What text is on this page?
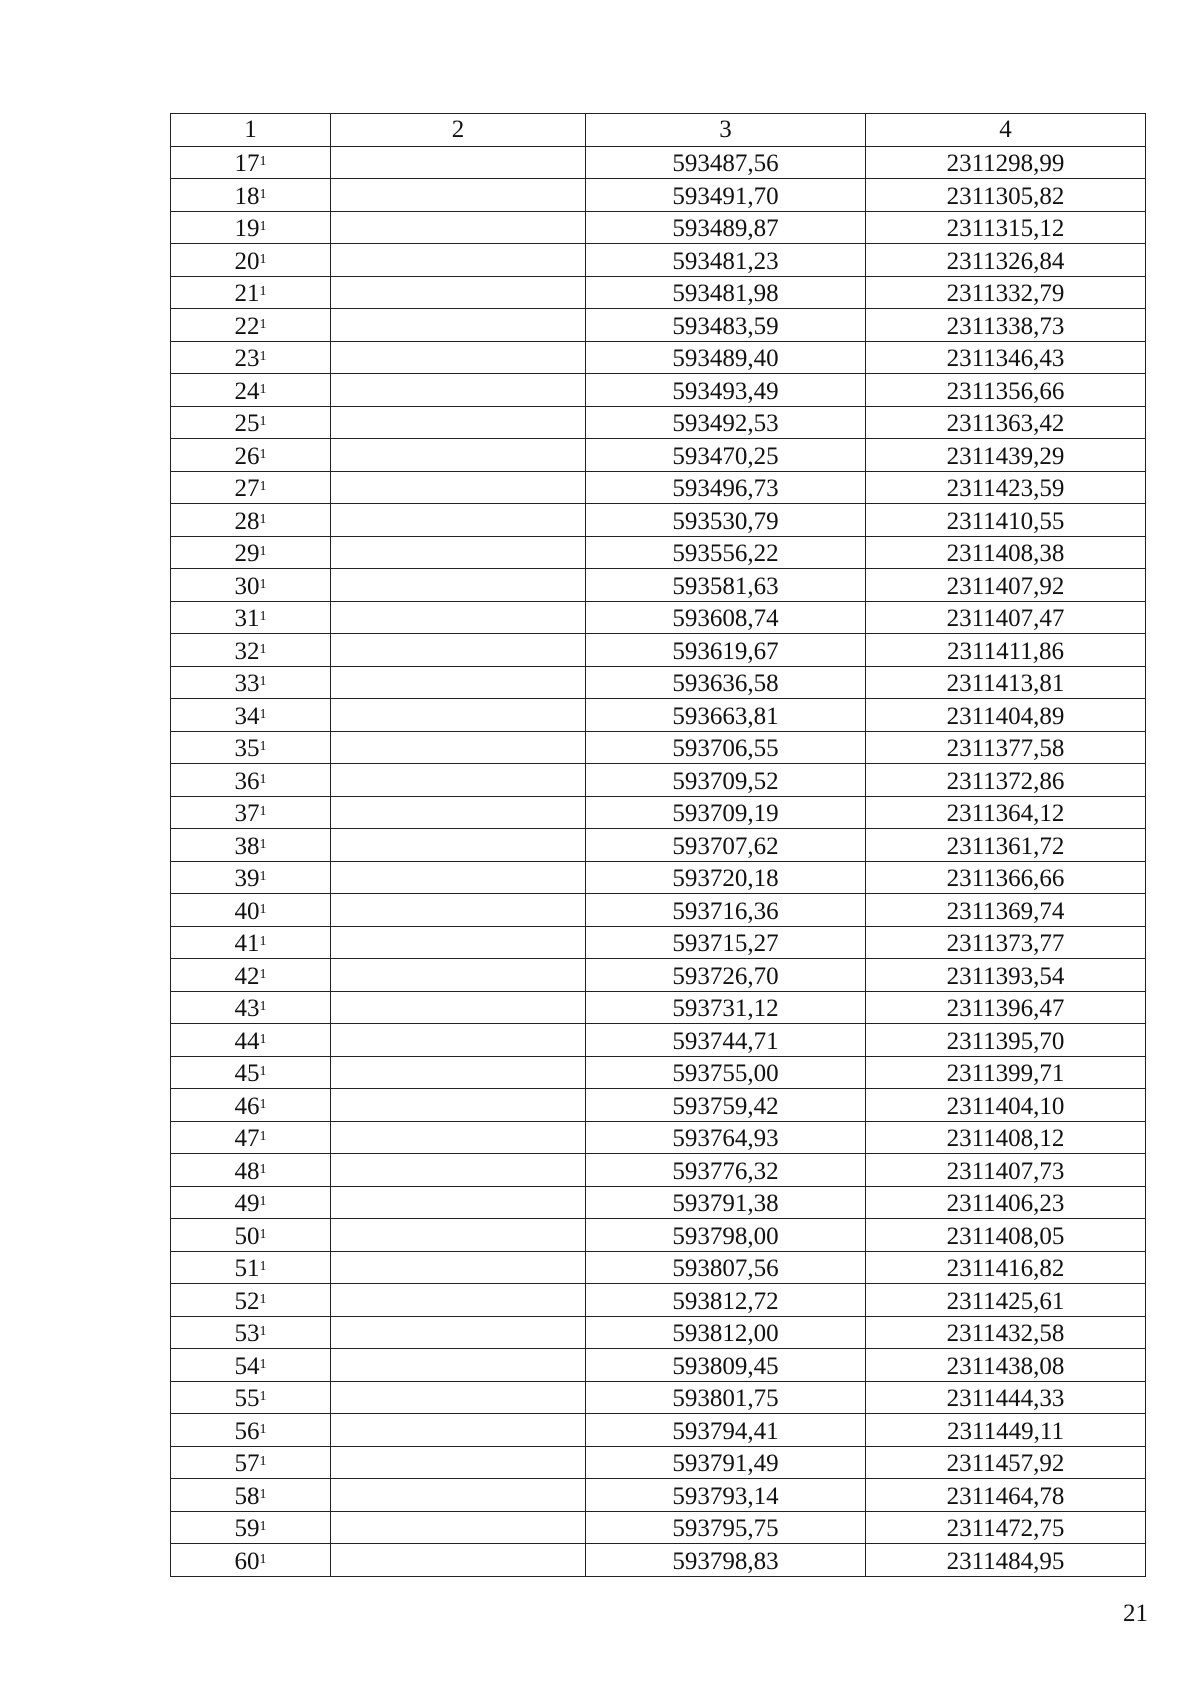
1	2	3	4
$17^1$		593487,56	2311298,99
$18^1$		593491,70	2311305,82
$19^1$		593489,87	2311315,12
$20^1$		593481,23	2311326,84
$21^1$		593481,98	2311332,79
$22^1$		593483,59	2311338,73
$23^1$		593489,40	2311346,43
$24^1$		593493,49	2311356,66
$25^1$		593492,53	2311363,42
$26^1$		593470,25	2311439,29
$27^1$		593496,73	2311423,59
$28^1$		593530,79	2311410,55
$29^1$		593556,22	2311408,38
$30^1$		593581,63	2311407,92
$31^1$		593608,74	2311407,47
$32^1$		593619,67	2311411,86
$33^1$		593636,58	2311413,81
$34^1$		593663,81	2311404,89
$35^1$		593706,55	2311377,58
$36^1$		593709,52	2311372,86
$37^1$		593709,19	2311364,12
$38^1$		593707,62	2311361,72
$39^1$		593720,18	2311366,66
$40^1$		593716,36	2311369,74
$41^1$		593715,27	2311373,77
$42^1$		593726,70	2311393,54
$43^1$		593731,12	2311396,47
$44^1$		593744,71	2311395,70
$45^1$		593755,00	2311399,71
$46^1$		593759,42	2311404,10
$47^1$		593764,93	2311408,12
$48^1$		593776,32	2311407,73
$49^1$		593791,38	2311406,23
$50^1$		593798,00	2311408,05
$51^1$		593807,56	2311416,82
$52^1$		593812,72	2311425,61
$53^1$		593812,00	2311432,58
$54^1$		593809,45	2311438,08
$55^1$		593801,75	2311444,33
$56^1$		593794,41	2311449,11
$57^1$		593791,49	2311457,92
$58^1$		593793,14	2311464,78
$59^1$		593795,75	2311472,75
$60^1$		593798,83	2311484,95
21
